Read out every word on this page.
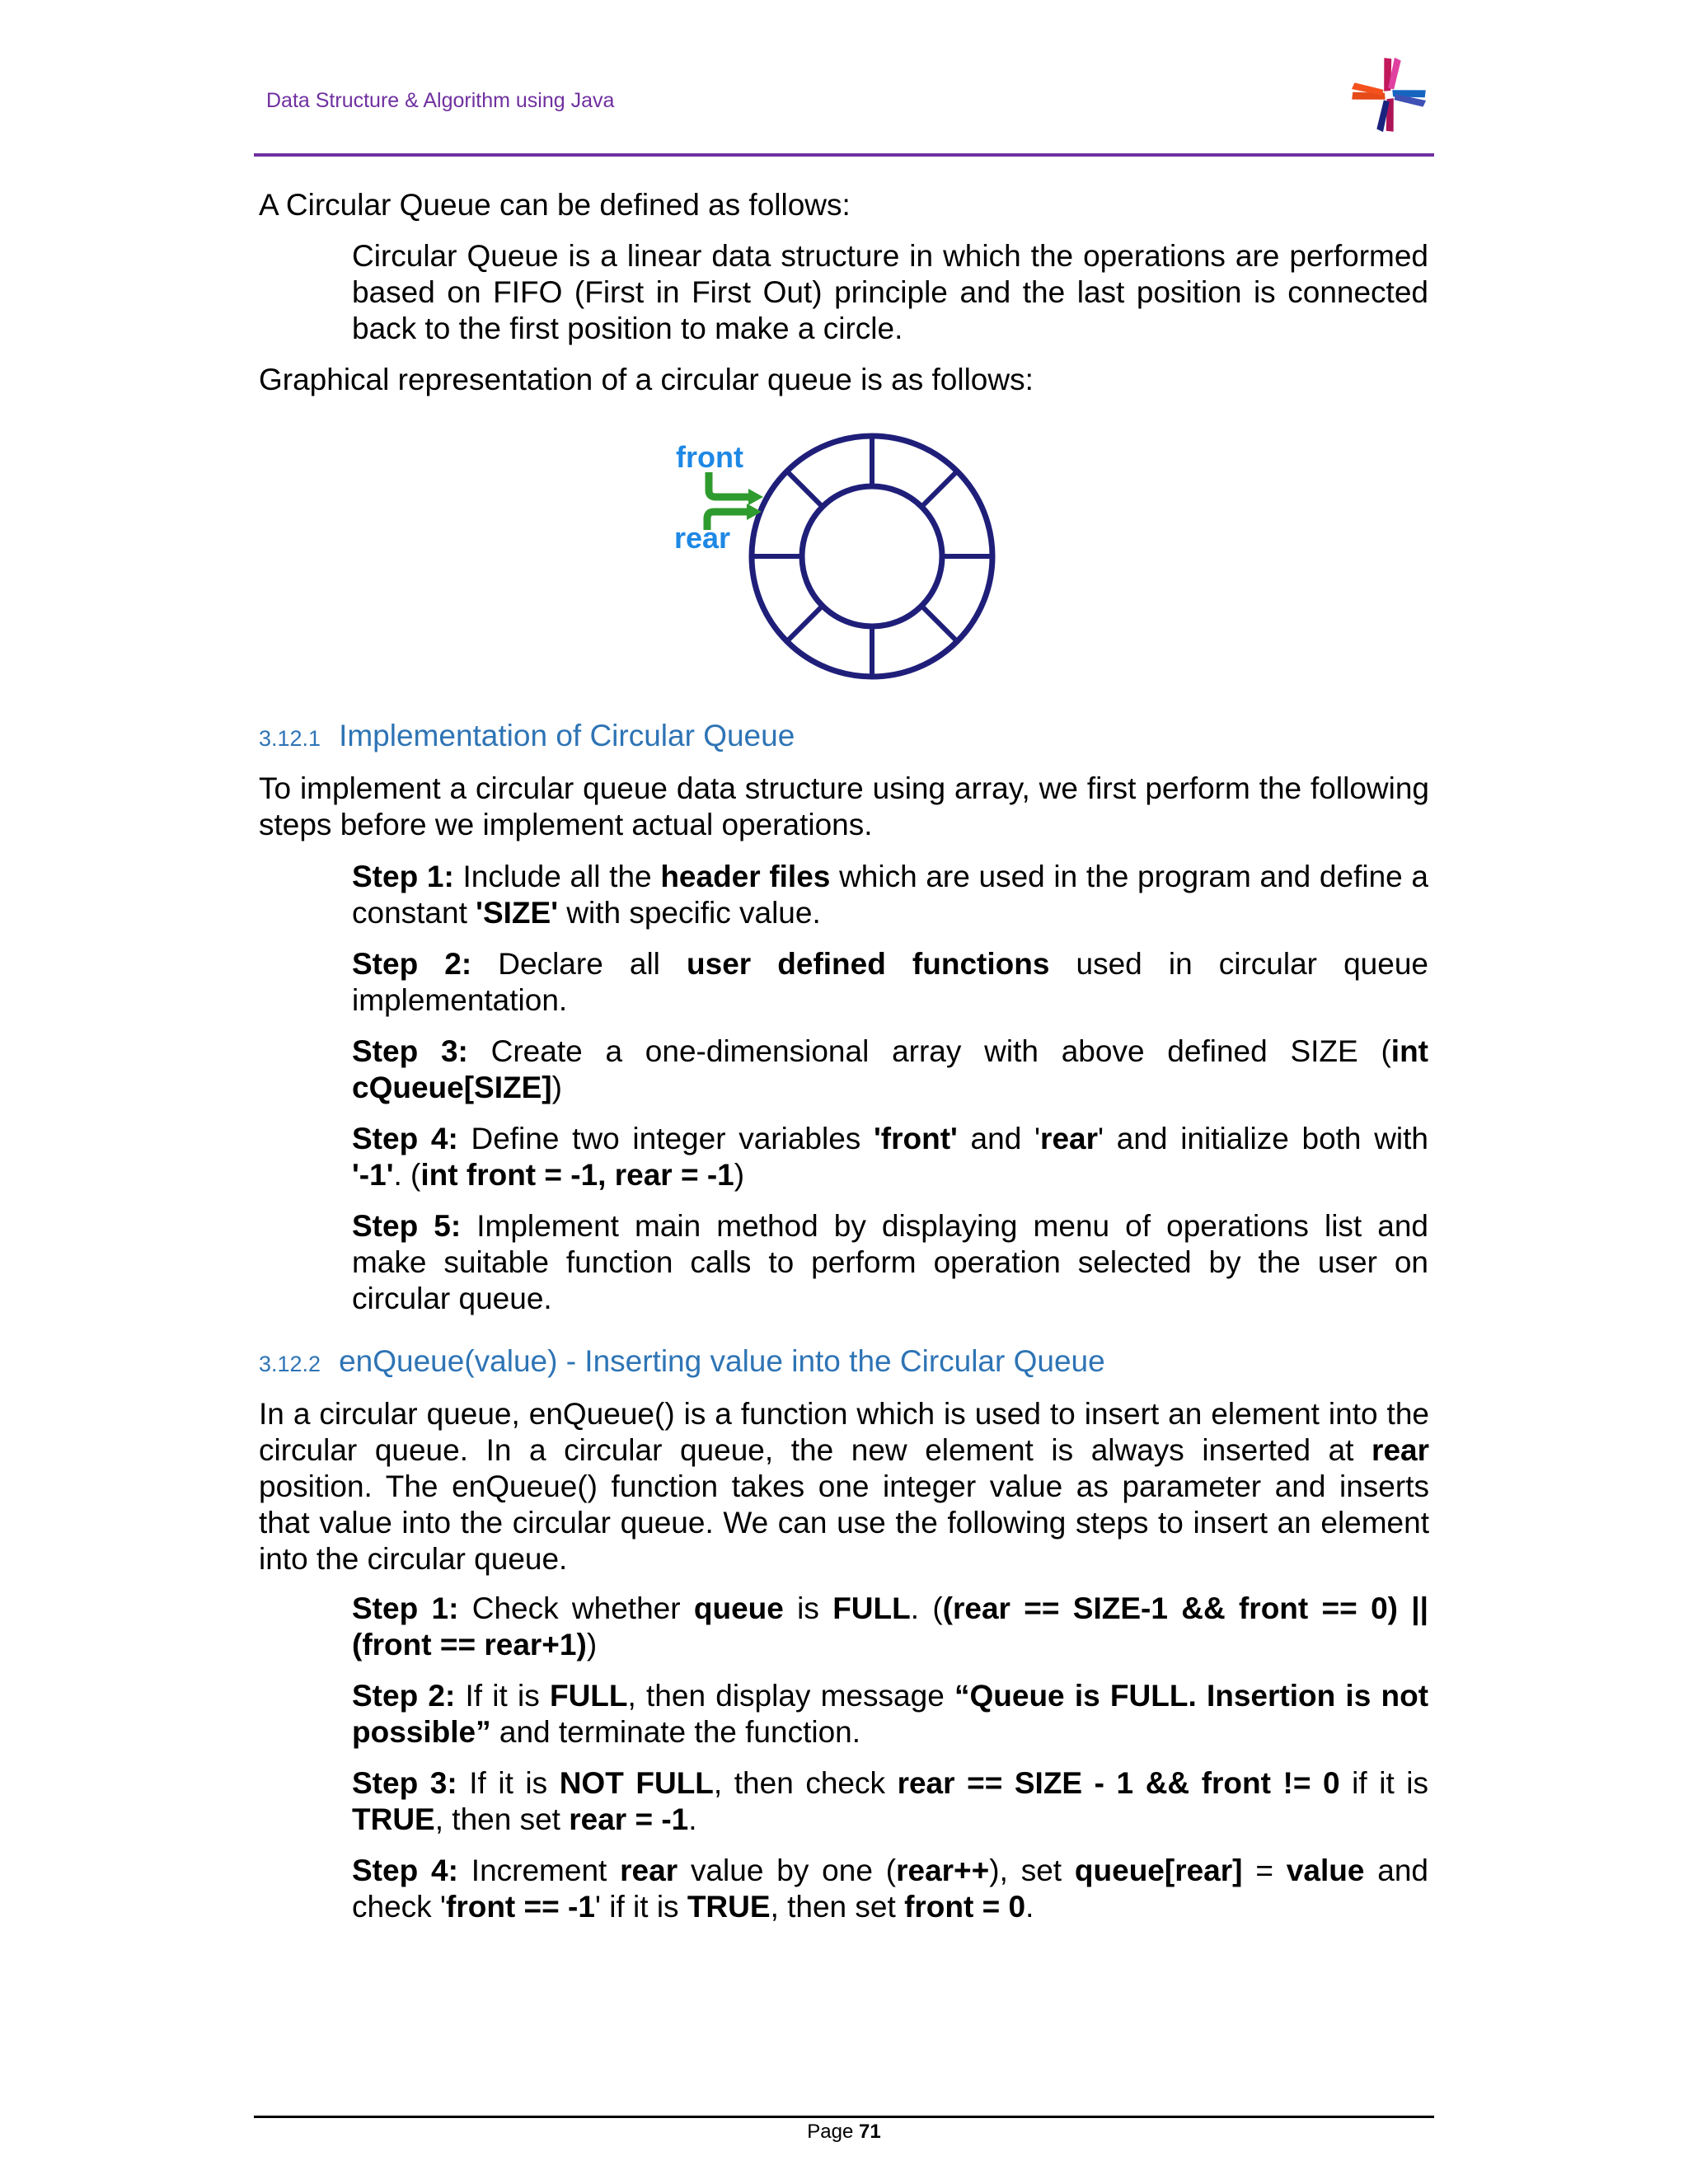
Data Structure & Algorithm using Java
A Circular Queue can be defined as follows:
Circular Queue is a linear data structure in which the operations are performed based on FIFO (First in First Out) principle and the last position is connected back to the first position to make a circle.
Graphical representation of a circular queue is as follows:
front
rear
3.12.1 Implementation of Circular Queue
To implement a circular queue data structure using array, we first perform the following steps before we implement actual operations.
Step 1: Include all the header files which are used in the program and define a constant 'SIZE' with specific value.
Step 2: Declare all user defined functions used in circular queue implementation.
Step 3: Create a one-dimensional array with above defined SIZE (int cQueue[SIZE])
Step 4: Define two integer variables 'front' and 'rear' and initialize both with '-1'. (int front = -1, rear = -1)
Step 5: Implement main method by displaying menu of operations list and make suitable function calls to perform operation selected by the user on circular queue.
3.12.2 enQueue(value) - Inserting value into the Circular Queue
In a circular queue, enQueue() is a function which is used to insert an element into the circular queue. In a circular queue, the new element is always inserted at rear position. The enQueue() function takes one integer value as parameter and inserts that value into the circular queue. We can use the following steps to insert an element into the circular queue.
Step 1: Check whether queue is FULL. ((rear == SIZE-1 && front == 0) || (front == rear+1))
Step 2: If it is FULL, then display message “Queue is FULL. Insertion is not possible” and terminate the function.
Step 3: If it is NOT FULL, then check rear == SIZE - 1 && front != 0 if it is TRUE, then set rear = -1.
Step 4: Increment rear value by one (rear++), set queue[rear] = value and check 'front == -1' if it is TRUE, then set front = 0.
Page 71
